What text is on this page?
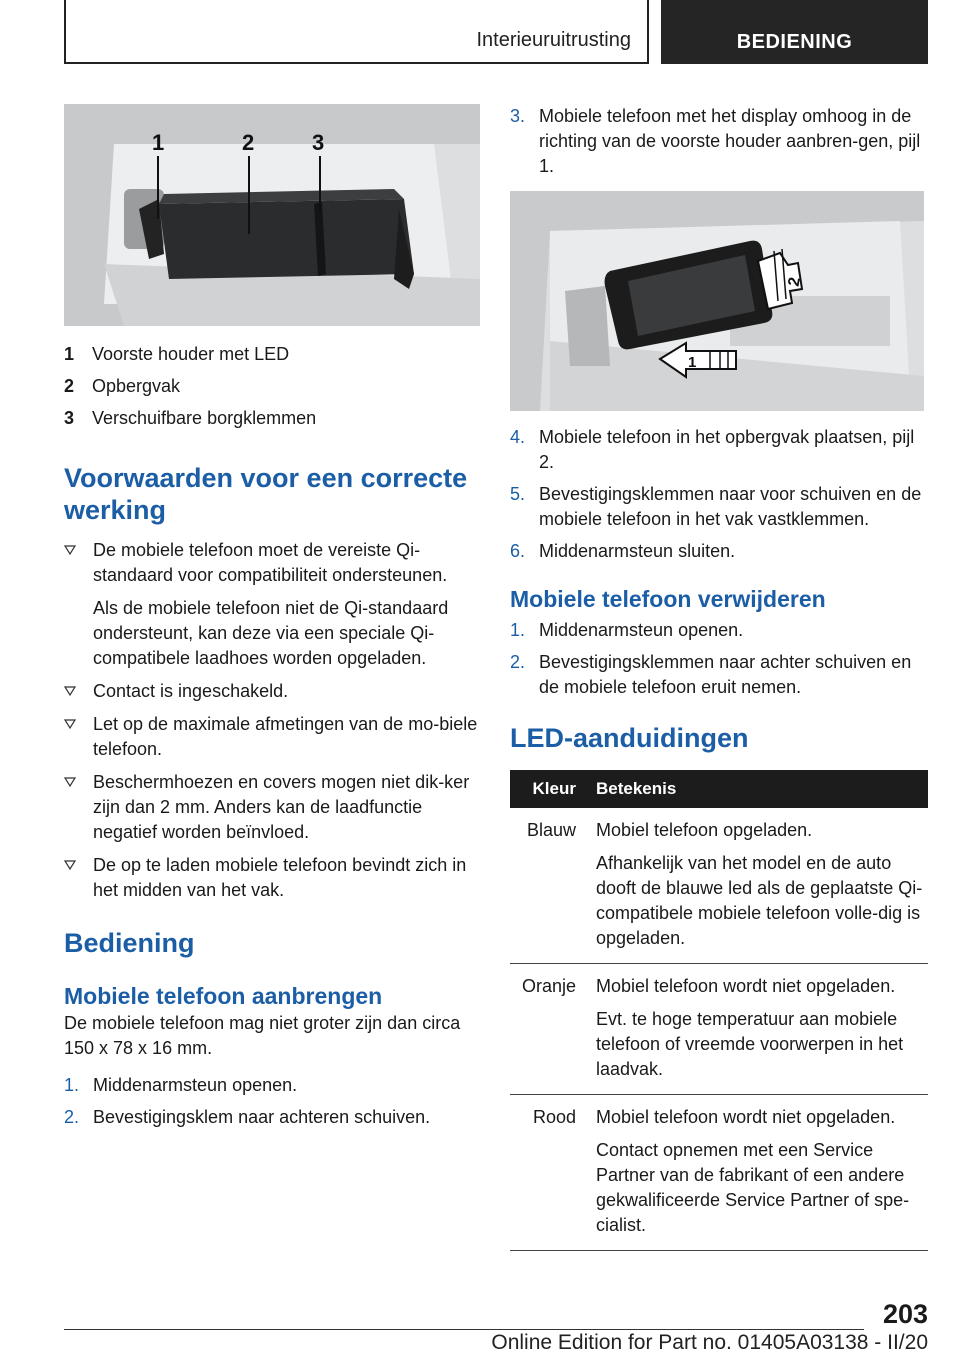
Interieuruitrusting	BEDIENING
1	2	3
1 Voorste houder met LED
2 Opbergvak
3 Verschuifbare borgklemmen
Voorwaarden voor een correcte werking

De mobiele telefoon moet de vereiste Qi-standaard voor compatibiliteit ondersteunen.

Als de mobiele telefoon niet de Qi-standaard ondersteunt, kan deze via een speciale Qi-compatibele laadhoes worden opgeladen.

Contact is ingeschakeld.

Let op de maximale afmetingen van de mo-biele telefoon.

Beschermhoezen en covers mogen niet dik-ker zijn dan 2 mm. Anders kan de laadfunctie negatief worden beïnvloed.

De op te laden mobiele telefoon bevindt zich in het midden van het vak.

Bediening
Mobiele telefoon aanbrengen

De mobiele telefoon mag niet groter zijn dan circa 150 x 78 x 16 mm.

1. Middenarmsteun openen.
2. Bevestigingsklem naar achteren schuiven.
3. Mobiele telefoon met het display omhoog in de richting van de voorste houder aanbren-gen, pijl 1.
2
1
4. Mobiele telefoon in het opbergvak plaatsen, pijl 2.
5. Bevestigingsklemmen naar voor schuiven en de mobiele telefoon in het vak vastklemmen.
6. Middenarmsteun sluiten.
Mobiele telefoon verwijderen
1. Middenarmsteun openen.
2. Bevestigingsklemmen naar achter schuiven en de mobiele telefoon eruit nemen.
LED-aanduidingen
Kleur	Betekenis
Blauw	Mobiel telefoon opgeladen.

Afhankelijk van het model en de auto dooft de blauwe led als de geplaatste Qi-compatibele mobiele telefoon volle-dig is opgeladen.

Oranje	Mobiel telefoon wordt niet opgeladen.

Evt. te hoge temperatuur aan mobiele telefoon of vreemde voorwerpen in het laadvak.

Rood	Mobiel telefoon wordt niet opgeladen.

Contact opnemen met een Service Partner van de fabrikant of een andere gekwalificeerde Service Partner of spe-cialist.

203
Online Edition for Part no. 01405A03138 - II/20
